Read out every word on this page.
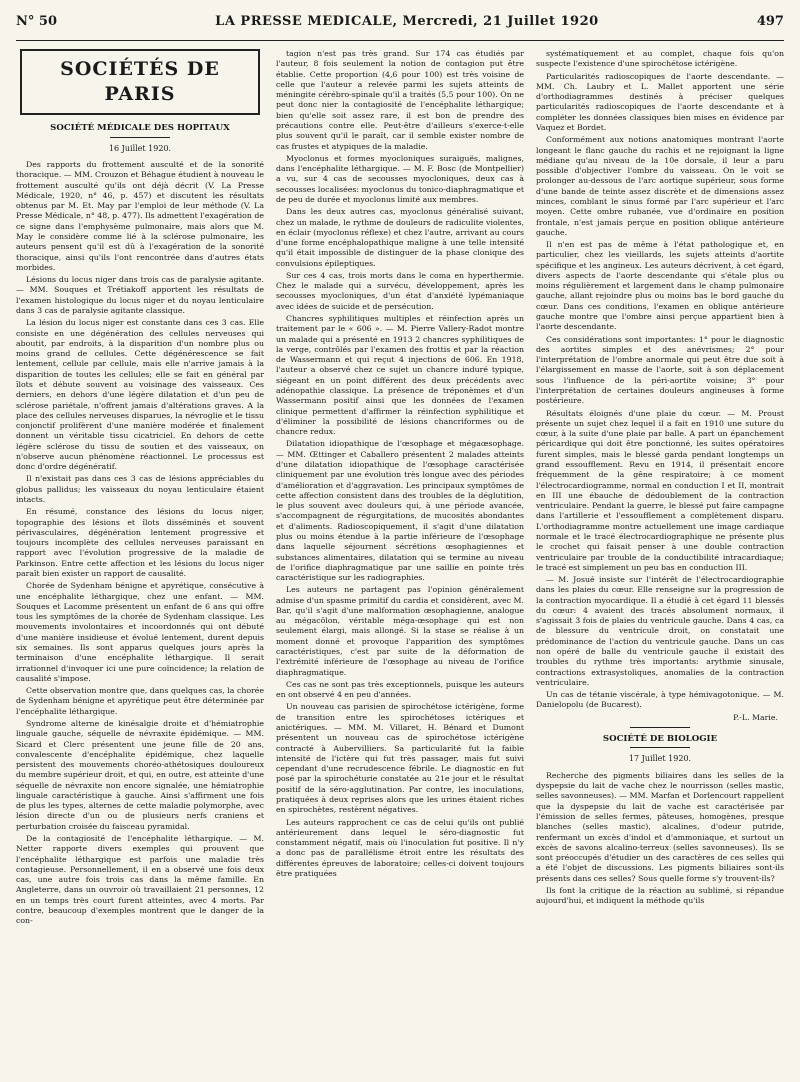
N° 50	LA PRESSE MEDICALE, Mercredi, 21 Juillet 1920	497
SOCIÉTÉS DE PARIS
SOCIÉTÉ MÉDICALE DES HOPITAUX
16 Juillet 1920.

Des rapports du frottement ausculté et de la sonorité thoracique. — MM. Crouzon et Béhague étudient à nouveau le frottement ausculté qu'ils ont déjà décrit (V. La Presse Médicale, 1920, n° 46, p. 457) et discutent les résultats obtenus par M. Et. May par l'emploi de leur méthode (V. La Presse Médicale, n° 48, p. 477). Ils admettent l'exagération de ce signe dans l'emphysème pulmonaire, mais alors que M. May le considère comme lié à la sclérose pulmonaire, les auteurs pensent qu'il est dû à l'exagération de la sonorité thoracique, ainsi qu'ils l'ont rencontrée dans d'autres états morbides.

Lésions du locus niger dans trois cas de paralysie agitante. — MM. Souques et Trétiakoff apportent les résultats de l'examen histologique du locus niger et du noyau lenticulaire dans 3 cas de paralysie agitante classique.

La lésion du locus niger est constante dans ces 3 cas. Elle consiste en une dégénération des cellules nerveuses qui aboutit, par endroits, à la disparition d'un nombre plus ou moins grand de cellules. Cette dégénérescence se fait lentement, cellule par cellule, mais elle n'arrive jamais à la disparition de toutes les cellules; elle se fait en général par îlots et débute souvent au voisinage des vaisseaux. Ces derniers, en dehors d'une légère dilatation et d'un peu de sclérose pariétale, n'offrent jamais d'altérations graves. A la place des cellules nerveuses disparues, la névroglie et le tissu conjonctif prolifèrent d'une manière modérée et finalement donnent un véritable tissu cicatriciel. En dehors de cette légère sclérose du tissu de soutien et des vaisseaux, on n'observe aucun phénomène réactionnel. Le processus est donc d'ordre dégénératif.

Il n'existait pas dans ces 3 cas de lésions appréciables du globus pallidus; les vaisseaux du noyau lenticulaire étaient intacts.

En résumé, constance des lésions du locus niger, topographie des lésions et îlots disséminés et souvent périvasculaires, dégénération lentement progressive et toujours incomplète des cellules nerveuses paraissant en rapport avec l'évolution progressive de la maladie de Parkinson. Entre cette affection et les lésions du locus niger paraît bien exister un rapport de causalité.

Chorée de Sydenham bénigne et apyrétique, consécutive à une encéphalite léthargique, chez une enfant. — MM. Souques et Lacomme présentent un enfant de 6 ans qui offre tous les symptômes de la chorée de Sydenham classique. Les mouvements involontaires et incoordonnés qui ont débuté d'une manière insidieuse et évolué lentement, durent depuis six semaines. Ils sont apparus quelques jours après la terminaison d'une encéphalite léthargique. Il serait irrationnel d'invoquer ici une pure coïncidence; la relation de causalité s'impose.

Cette observation montre que, dans quelques cas, la chorée de Sydenham bénigne et apyrétique peut être déterminée par l'encéphalite léthargique.

Syndrome alterne de kinésalgie droite et d'hémiatrophie linguale gauche, séquelle de névraxite épidémique. — MM. Sicard et Clerc présentent une jeune fille de 20 ans, convalescente d'encéphalite épidémique, chez laquelle persistent des mouvements choréo-athétosiques douloureux du membre supérieur droit, et qui, en outre, est atteinte d'une séquelle de névraxite non encore signalée, une hémiatrophie linguale caractéristique à gauche. Ainsi s'affirment une fois de plus les types, alternes de cette maladie polymorphe, avec lésion directe d'un ou de plusieurs nerfs craniens et perturbation croisée du faisceau pyramidal.

De la contagiosité de l'encéphalite léthargique. — M. Netter rapporte divers exemples qui prouvent que l'encéphalite léthargique est parfois une maladie très contagieuse. Personnellement, il en a observé une fois deux cas, une autre fois trois cas dans la même famille. En Angleterre, dans un ouvroir où travaillaient 21 personnes, 12 en un temps très court furent atteintes, avec 4 morts. Par contre, beaucoup d'exemples montrent que le danger de la con-

tagion n'est pas très grand. Sur 174 cas étudiés par l'auteur, 8 fois seulement la notion de contagion put être établie. Cette proportion (4,6 pour 100) est très voisine de celle que l'auteur a relevée parmi les sujets atteints de méningite cérébro-spinale qu'il a traités (5,5 pour 100). On ne peut donc nier la contagiosité de l'encéphalite léthargique; bien qu'elle soit assez rare, il est bon de prendre des précautions contre elle. Peut-être d'ailleurs s'exerce-t-elle plus souvent qu'il le paraît, car il semble exister nombre de cas frustes et atypiques de la maladie.

Myoclonus et formes myocloniques suraiguës, malignes, dans l'encéphalite léthargique. — M. F. Bosc (de Montpellier) a vu, sur 4 cas de secousses myocloniques, deux cas à secousses localisées: myoclonus du tonico-diaphragmatique et de peu de durée et myoclonus limité aux membres.

Dans les deux autres cas, myoclonus généralisé suivant, chez un malade, le rythme de douleurs de radiculite violentes, en éclair (myoclonus réflexe) et chez l'autre, arrivant au cours d'une forme encéphalopathique maligne à une telle intensité qu'il était impossible de distinguer de la phase clonique des convulsions épileptiques.

Sur ces 4 cas, trois morts dans le coma en hyperthermie. Chez le malade qui a survécu, développement, après les secousses myocloniques, d'un état d'anxiété lypémaniaque avec idées de suicide et de persécution.

Chancres syphilitiques multiples et réinfection après un traitement par le « 606 ». — M. Pierre Vallery-Radot montre un malade qui a présenté en 1913 2 chancres syphilitiques de la verge, contrôlés par l'examen des frottis et par la réaction de Wassermann et qui reçut 4 injections de 606. En 1918, l'auteur a observé chez ce sujet un chancre induré typique, siégeant en un point différent des deux précédents avec adénopathie classique. La présence de tréponèmes et d'un Wassermann positif ainsi que les données de l'examen clinique permettent d'affirmer la réinfection syphilitique et d'éliminer la possibilité de lésions chancriformes ou de chancre redux.

Dilatation idiopathique de l'œsophage et mégaœsophage. — MM. Œttinger et Caballero présentent 2 malades atteints d'une dilatation idiopathique de l'œsophage caractérisée cliniquement par une évolution très longue avec des périodes d'amélioration et d'aggravation. Les principaux symptômes de cette affection consistent dans des troubles de la déglutition, le plus souvent avec douleurs qui, à une période avancée, s'accompagnent de régurgitations, de mucosités abondantes et d'aliments. Radioscopiquement, il s'agit d'une dilatation plus ou moins étendue à la partie inférieure de l'œsophage dans laquelle séjournent sécrétions œsophagiennes et substances alimentaires, dilatation qui se termine au niveau de l'orifice diaphragmatique par une saillie en pointe très caractéristique sur les radiographies.

Les auteurs ne partagent pas l'opinion généralement admise d'un spasme primitif du cardia et considèrent, avec M. Bar, qu'il s'agit d'une malformation œsophagienne, analogue au mégacôlon, véritable méga-œsophage qui est non seulement élargi, mais allongé. Si la stase se réalise à un moment donné et provoque l'apparition des symptômes caractéristiques, c'est par suite de la déformation de l'extrémité inférieure de l'œsophage au niveau de l'orifice diaphragmatique.

Ces cas ne sont pas très exceptionnels, puisque les auteurs en ont observé 4 en peu d'années.

Un nouveau cas parisien de spirochétose ictérigène, forme de transition entre les spirochétoses ictériques et anictériques. — MM. M. Villaret, H. Bénard et Dumont présentent un nouveau cas de spirochétose ictérigène contracté à Aubervilliers. Sa particularité fut la faible intensité de l'ictère qui fut très passager, mais fut suivi cependant d'une recrudescence fébrile. Le diagnostic en fut posé par la spirochéturie constatée au 21e jour et le résultat positif de la séro-agglutination. Par contre, les inoculations, pratiquées à deux reprises alors que les urines étaient riches en spirochètes, restèrent négatives.

Les auteurs rapprochent ce cas de celui qu'ils ont publié antérieurement dans lequel le séro-diagnostic fut constamment négatif, mais où l'inoculation fut positive. Il n'y a donc pas de parallélisme étroit entre les résultats des différentes épreuves de laboratoire; celles-ci doivent toujours être pratiquées

systématiquement et au complet, chaque fois qu'on suspecte l'existence d'une spirochétose ictérigène.

Particularités radioscopiques de l'aorte descendante. — MM. Ch. Laubry et L. Mallet apportent une série d'orthodiagrammes destinés à préciser quelques particularités radioscopiques de l'aorte descendante et à compléter les données classiques bien mises en évidence par Vaquez et Bordet.

Conformément aux notions anatomiques montrant l'aorte longeant le flanc gauche du rachis et ne rejoignant la ligne médiane qu'au niveau de la 10e dorsale, il leur a paru possible d'objectiver l'ombre du vaisseau. On le voit se prolonger au-dessous de l'arc aortique supérieur, sous forme d'une bande de teinte assez discrète et de dimensions assez minces, comblant le sinus formé par l'arc supérieur et l'arc moyen. Cette ombre rubanée, vue d'ordinaire en position frontale, n'est jamais perçue en position oblique antérieure gauche.

Il n'en est pas de même à l'état pathologique et, en particulier, chez les vieillards, les sujets atteints d'aortite spécifique et les angineux. Les auteurs décrivent, à cet égard, divers aspects de l'aorte descendante qui s'étale plus ou moins régulièrement et largement dans le champ pulmonaire gauche, allant rejoindre plus ou moins bas le bord gauche du cœur. Dans ces conditions, l'examen en oblique antérieure gauche montre que l'ombre ainsi perçue appartient bien à l'aorte descendante.

Ces considérations sont importantes: 1° pour le diagnostic des aortites simples et des anévrismes; 2° pour l'interprétation de l'ombre anormale qui peut être due soit à l'élargissement en masse de l'aorte, soit à son déplacement sous l'influence de la péri-aortite voisine; 3° pour l'interprétation de certaines douleurs angineuses à forme postérieure.

Résultats éloignés d'une plaie du cœur. — M. Proust présente un sujet chez lequel il a fait en 1910 une suture du cœur, à la suite d'une plaie par balle. A part un épanchement péricardique qui doit être ponctionné, les suites opératoires furent simples, mais le blessé garda pendant longtemps un grand essoufflement. Revu en 1914, il présentait encore fréquemment de la gêne respiratoire; à ce moment l'électrocardiogramme, normal en conduction I et II, montrait en III une ébauche de dédoublement de la contraction ventriculaire. Pendant la guerre, le blessé put faire campagne dans l'artillerie et l'essoufflement a complètement disparu. L'orthodiagramme montre actuellement une image cardiaque normale et le tracé électrocardiographique ne présente plus le crochet qui faisait penser à une double contraction ventriculaire par trouble de la conductibilité intracardiaque; le tracé est simplement un peu bas en conduction III.

— M. Josué insiste sur l'intérêt de l'électrocardiographie dans les plaies du cœur. Elle renseigne sur la progression de la contraction myocardique. Il a étudié à cet égard 11 blessés du cœur: 4 avaient des tracés absolument normaux, il s'agissait 3 fois de plaies du ventricule gauche. Dans 4 cas, ca de blessure du ventricule droit, on constatait une prédominance de l'action du ventricule gauche. Dans un cas non opéré de balle du ventricule gauche il existait des troubles du rythme très importants: arythmie sinusale, contractions extrasystoliques, anomalies de la contraction ventriculaire.

Un cas de tétanie viscérale, à type hémivagotonique. — M. Danielopolu (de Bucarest).

P.-L. Marie.
SOCIÉTÉ DE BIOLOGIE
17 Juillet 1920.

Recherche des pigments biliaires dans les selles de la dyspepsie du lait de vache chez le nourrisson (selles mastic, selles savonneuses). — MM. Marfan et Dorlencourt rappellent que la dyspepsie du lait de vache est caractérisée par l'émission de selles fermes, pâteuses, homogènes, presque blanches (selles mastic), alcalines, d'odeur putride, renfermant un excès d'indol et d'ammoniaque, et surtout un excès de savons alcalino-terreux (selles savonneuses). Ils se sont préoccupés d'étudier un des caractères de ces selles qui a été l'objet de discussions. Les pigments biliaires sont-ils présents dans ces selles? Sous quelle forme s'y trouvent-ils?

Ils font la critique de la réaction au sublimé, si répandue aujourd'hui, et indiquent la méthode qu'ils
